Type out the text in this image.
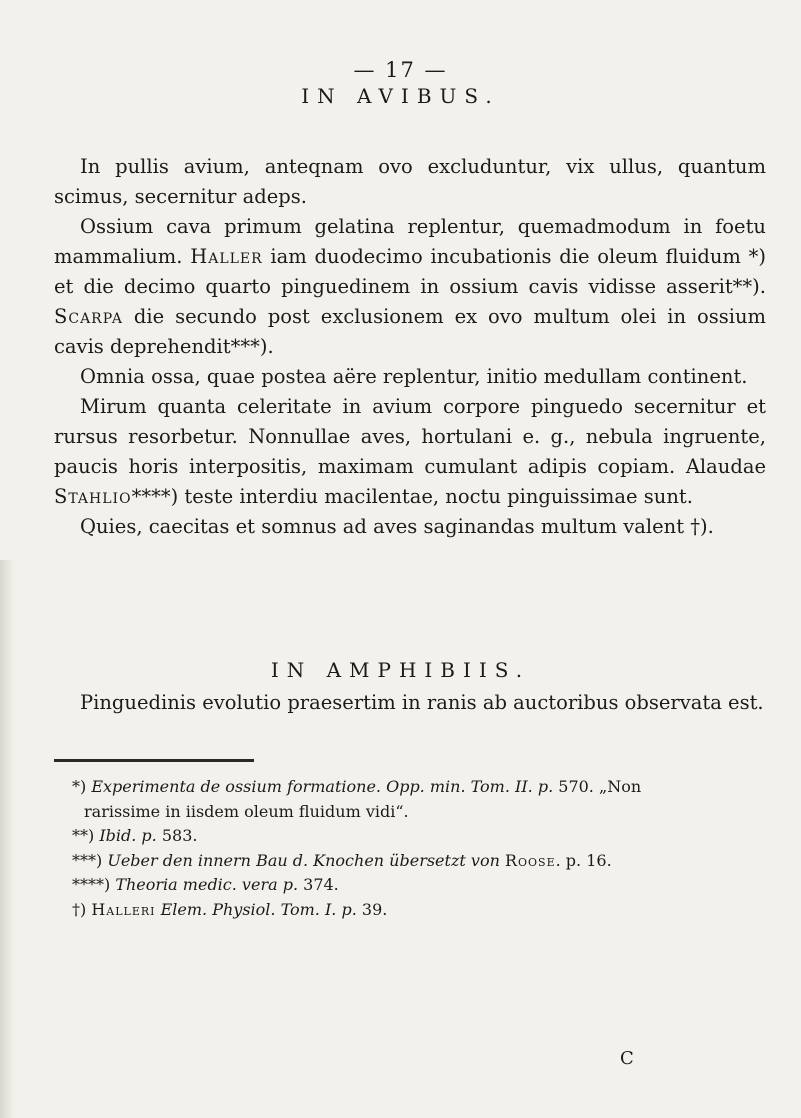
— 17 —
IN AVIBUS.

In pullis avium, anteqnam ovo excluduntur, vix ullus, quantum scimus, secernitur adeps.

Ossium cava primum gelatina replentur, quemadmodum in foetu mammalium. Haller iam duodecimo incubationis die oleum fluidum *) et die decimo quarto pinguedinem in ossium cavis vidisse asserit**). Scarpa die secundo post exclusionem ex ovo multum olei in ossium cavis deprehendit***).

Omnia ossa, quae postea aëre replentur, initio medullam continent.

Mirum quanta celeritate in avium corpore pinguedo secernitur et rursus resorbetur. Nonnullae aves, hortulani e. g., nebula ingruente, paucis horis interpositis, maximam cumulant adipis copiam. Alaudae Stahlio****) teste interdiu macilentae, noctu pinguissimae sunt.

Quies, caecitas et somnus ad aves saginandas multum valent †).

IN AMPHIBIIS.

Pinguedinis evolutio praesertim in ranis ab auctoribus observata est.

*) Experimenta de ossium formatione. Opp. min. Tom. II. p. 570. „Non
rarissime in iisdem oleum fluidum vidi“.
**) Ibid. p. 583.
***) Ueber den innern Bau d. Knochen übersetzt von Roose. p. 16.
****) Theoria medic. vera p. 374.
†) Halleri Elem. Physiol. Tom. I. p. 39.
C
